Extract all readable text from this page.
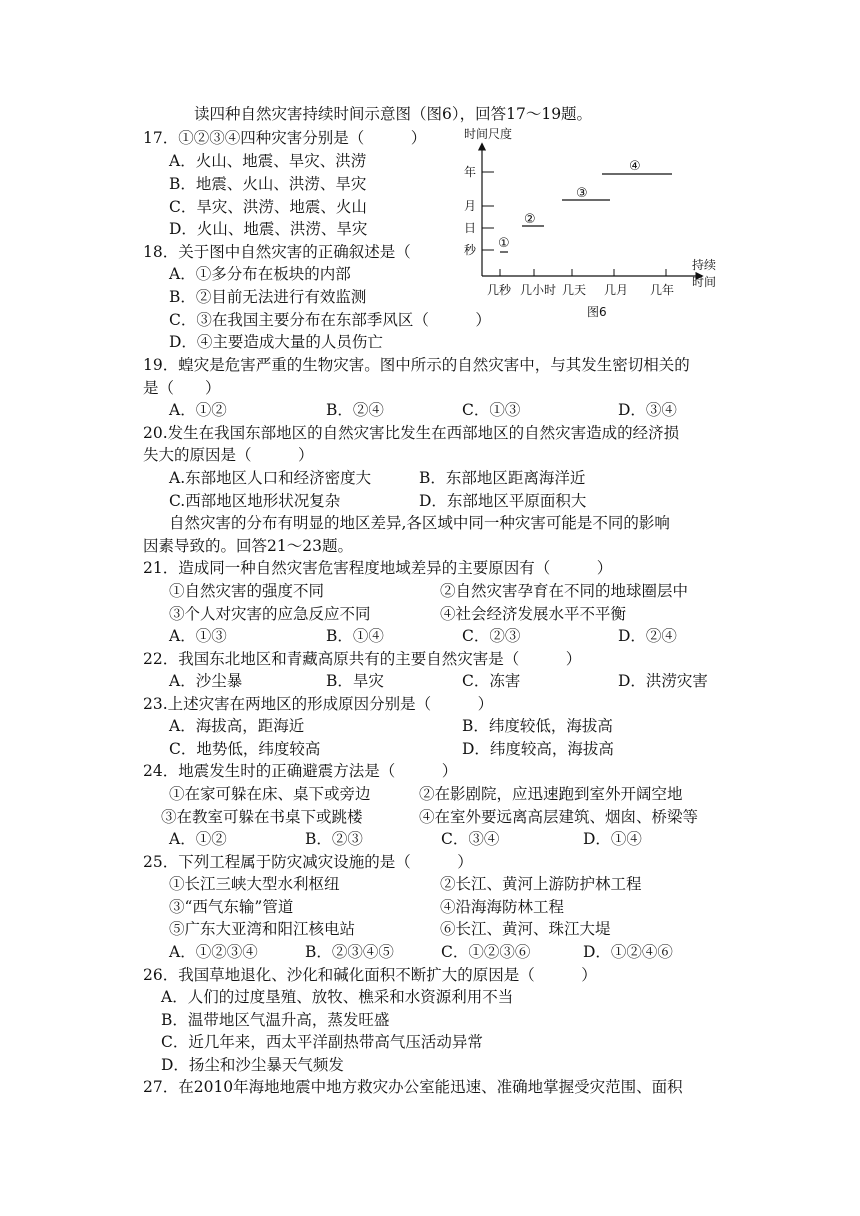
读四种自然灾害持续时间示意图（图6），回答17～19题。
17．①②③④四种灾害分别是（　　　）
A．火山、地震、旱灾、洪涝
B．地震、火山、洪涝、旱灾
C．旱灾、洪涝、地震、火山
D．火山、地震、洪涝、旱灾
18．关于图中自然灾害的正确叙述是（
A．①多分布在板块的内部
B．②目前无法进行有效监测
C．③在我国主要分布在东部季风区（　　　）
D．④主要造成大量的人员伤亡
19．蝗灾是危害严重的生物灾害。图中所示的自然灾害中，与其发生密切相关的
是（　　）
A．①②	B．②④	C．①③	D．③④
20.发生在我国东部地区的自然灾害比发生在西部地区的自然灾害造成的经济损
失大的原因是（　　　）
A.东部地区人口和经济密度大	B．东部地区距离海洋近
C.西部地区地形状况复杂	D．东部地区平原面积大
自然灾害的分布有明显的地区差异,各区域中同一种灾害可能是不同的影响
因素导致的。回答21～23题。
21．造成同一种自然灾害危害程度地域差异的主要原因有（　　　）
①自然灾害的强度不同	②自然灾害孕育在不同的地球圈层中
③个人对灾害的应急反应不同	④社会经济发展水平不平衡
A．①③	B．①④	C．②③	D．②④
22．我国东北地区和青藏高原共有的主要自然灾害是（　　　）
A．沙尘暴	B．旱灾	C．冻害	D．洪涝灾害
23.上述灾害在两地区的形成原因分别是（　　　）
A．海拔高，距海近	B．纬度较低，海拔高
C．地势低，纬度较高	D．纬度较高，海拔高
24．地震发生时的正确避震方法是（　　　）
①在家可躲在床、桌下或旁边	②在影剧院，应迅速跑到室外开阔空地
③在教室可躲在书桌下或跳楼	④在室外要远离高层建筑、烟囱、桥梁等
A．①②	B．②③	C．③④	D．①④
25．下列工程属于防灾减灾设施的是（　　　）
①长江三峡大型水利枢纽	②长江、黄河上游防护林工程
③“西气东输”管道	④沿海海防林工程
⑤广东大亚湾和阳江核电站	⑥长江、黄河、珠江大堤
A．①②③④	B．②③④⑤	C．①②③⑥	D．①②④⑥
26．我国草地退化、沙化和碱化面积不断扩大的原因是（　　　）
A．人们的过度垦殖、放牧、樵采和水资源利用不当
B．温带地区气温升高，蒸发旺盛
C．近几年来，西太平洋副热带高气压活动异常
D．扬尘和沙尘暴天气频发
27．在2010年海地地震中地方救灾办公室能迅速、准确地掌握受灾范围、面积
时间尺度
年
月
日
秒
几秒 几小时 几天 几月 几年
持续
时间
①
②
③
④
图6
